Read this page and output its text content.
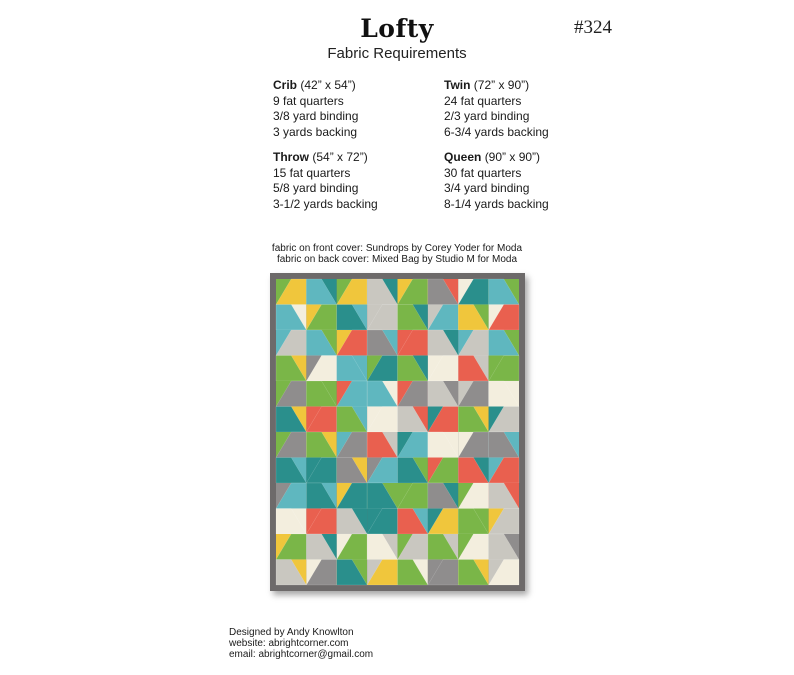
Lofty	#324
Fabric Requirements
Crib (42” x 54”)
9 fat quarters
3/8 yard binding
3 yards backing
Twin (72” x 90”)
24 fat quarters
2/3 yard binding
6-3/4 yards backing
Throw (54” x 72”)
15 fat quarters
5/8 yard binding
3-1/2 yards backing
Queen (90” x 90”)
30 fat quarters
3/4 yard binding
8-1/4 yards backing
fabric on front cover: Sundrops by Corey Yoder for Moda
fabric on back cover: Mixed Bag by Studio M for Moda
Designed by Andy Knowlton
website: abrightcorner.com
email: abrightcorner@gmail.com
